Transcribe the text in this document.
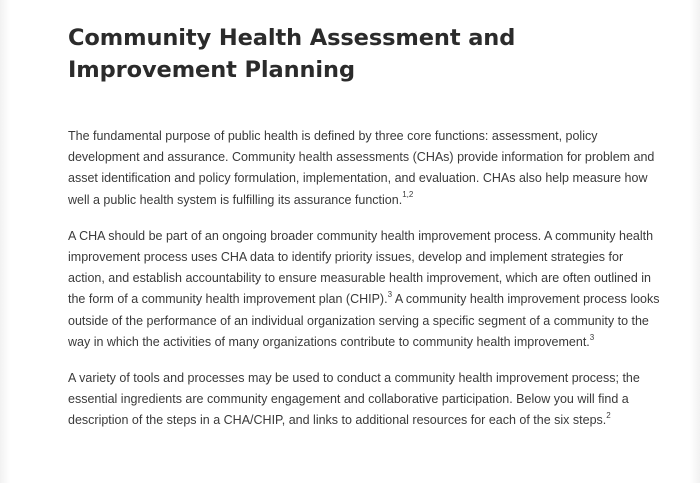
Community Health Assessment and Improvement Planning

The fundamental purpose of public health is defined by three core functions: assessment, policy development and assurance. Community health assessments (CHAs) provide information for problem and asset identification and policy formulation, implementation, and evaluation. CHAs also help measure how well a public health system is fulfilling its assurance function.$^{1,2}$

A CHA should be part of an ongoing broader community health improvement process. A community health improvement process uses CHA data to identify priority issues, develop and implement strategies for action, and establish accountability to ensure measurable health improvement, which are often outlined in the form of a community health improvement plan (CHIP).$^3$ A community health improvement process looks outside of the performance of an individual organization serving a specific segment of a community to the way in which the activities of many organizations contribute to community health improvement.$^3$

A variety of tools and processes may be used to conduct a community health improvement process; the essential ingredients are community engagement and collaborative participation. Below you will find a description of the steps in a CHA/CHIP, and links to additional resources for each of the six steps.$^2$
